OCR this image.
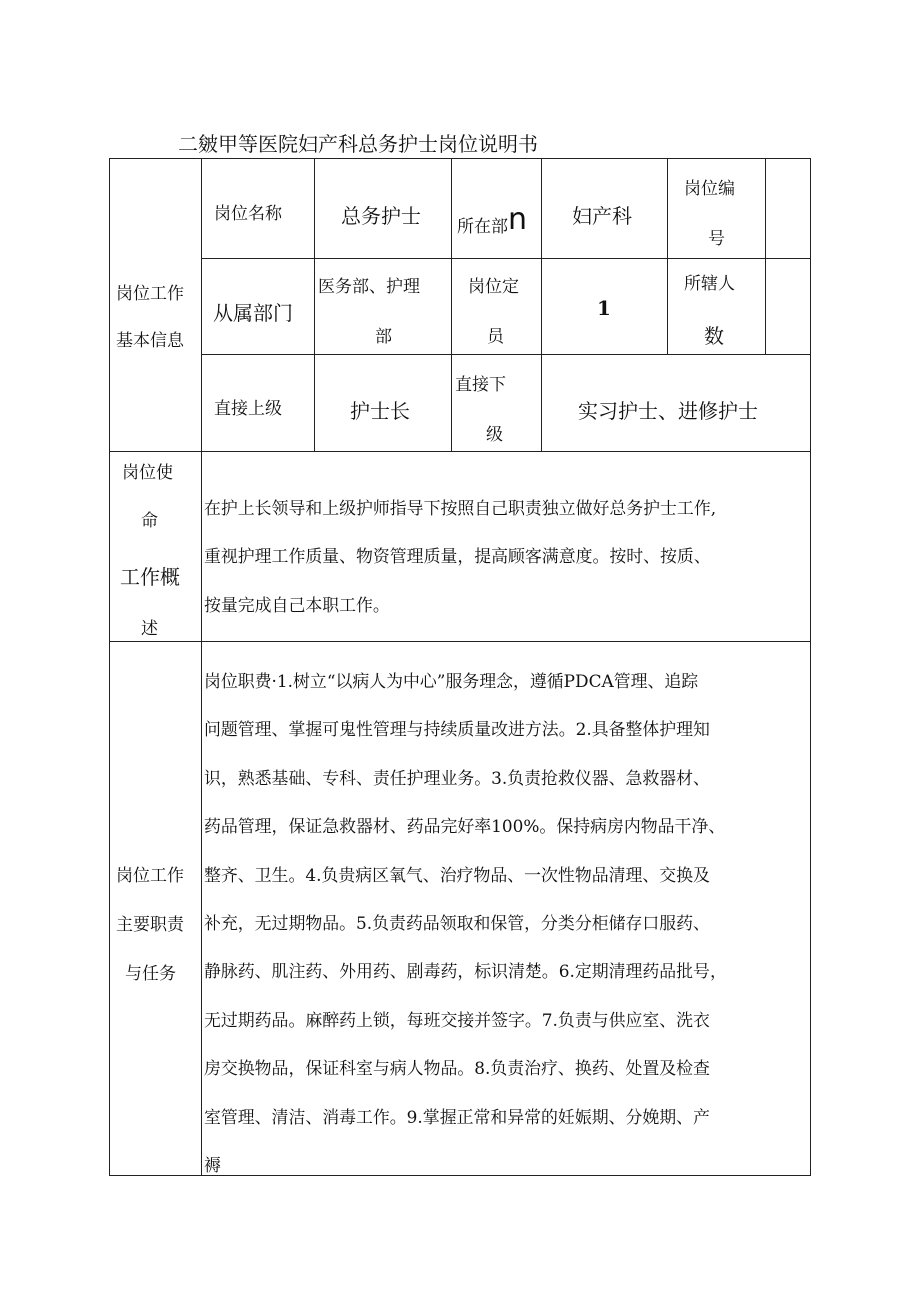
二皴甲等医院妇产科总务护士岗位说明书
岗位工作
基本信息
岗位名称	总务护士 所在部n 妇产科
岗位编
号
从属部门
医务部、护理
部
岗位定
员
1
所辖人
数
直接上级	护士长
直接下
级
实习护士、进修护士
岗位使
命
工作概
述
在护上长领导和上级护师指导下按照自己职责独立做好总务护士工作,
重视护理工作质量、物资管理质量，提高顾客满意度。按时、按质、
按量完成自己本职工作。
岗位工作
主要职责
与任务
岗位职费·1.树立“以病人为中心”服务理念，遵循PDCA管理、追踪
问题管理、掌握可鬼性管理与持续质量改进方法。2.具备整体护理知
识，熟悉基础、专科、责任护理业务。3.负责抢救仪器、急救器材、
药品管理，保证急救器材、药品完好率100%。保持病房内物品干净、
整齐、卫生。4.负贵病区氧气、治疗物品、一次性物品清理、交换及
补充，无过期物品。5.负责药品领取和保管，分类分柜储存口服药、
静脉药、肌注药、外用药、剧毒药，标识清楚。6.定期清理药品批号，
无过期药品。麻醉药上锁，每班交接并签字。7.负责与供应室、洗衣
房交换物品，保证科室与病人物品。8.负责治疗、换药、处置及检查
室管理、清洁、消毒工作。9.掌握正常和异常的妊娠期、分娩期、产
褥
